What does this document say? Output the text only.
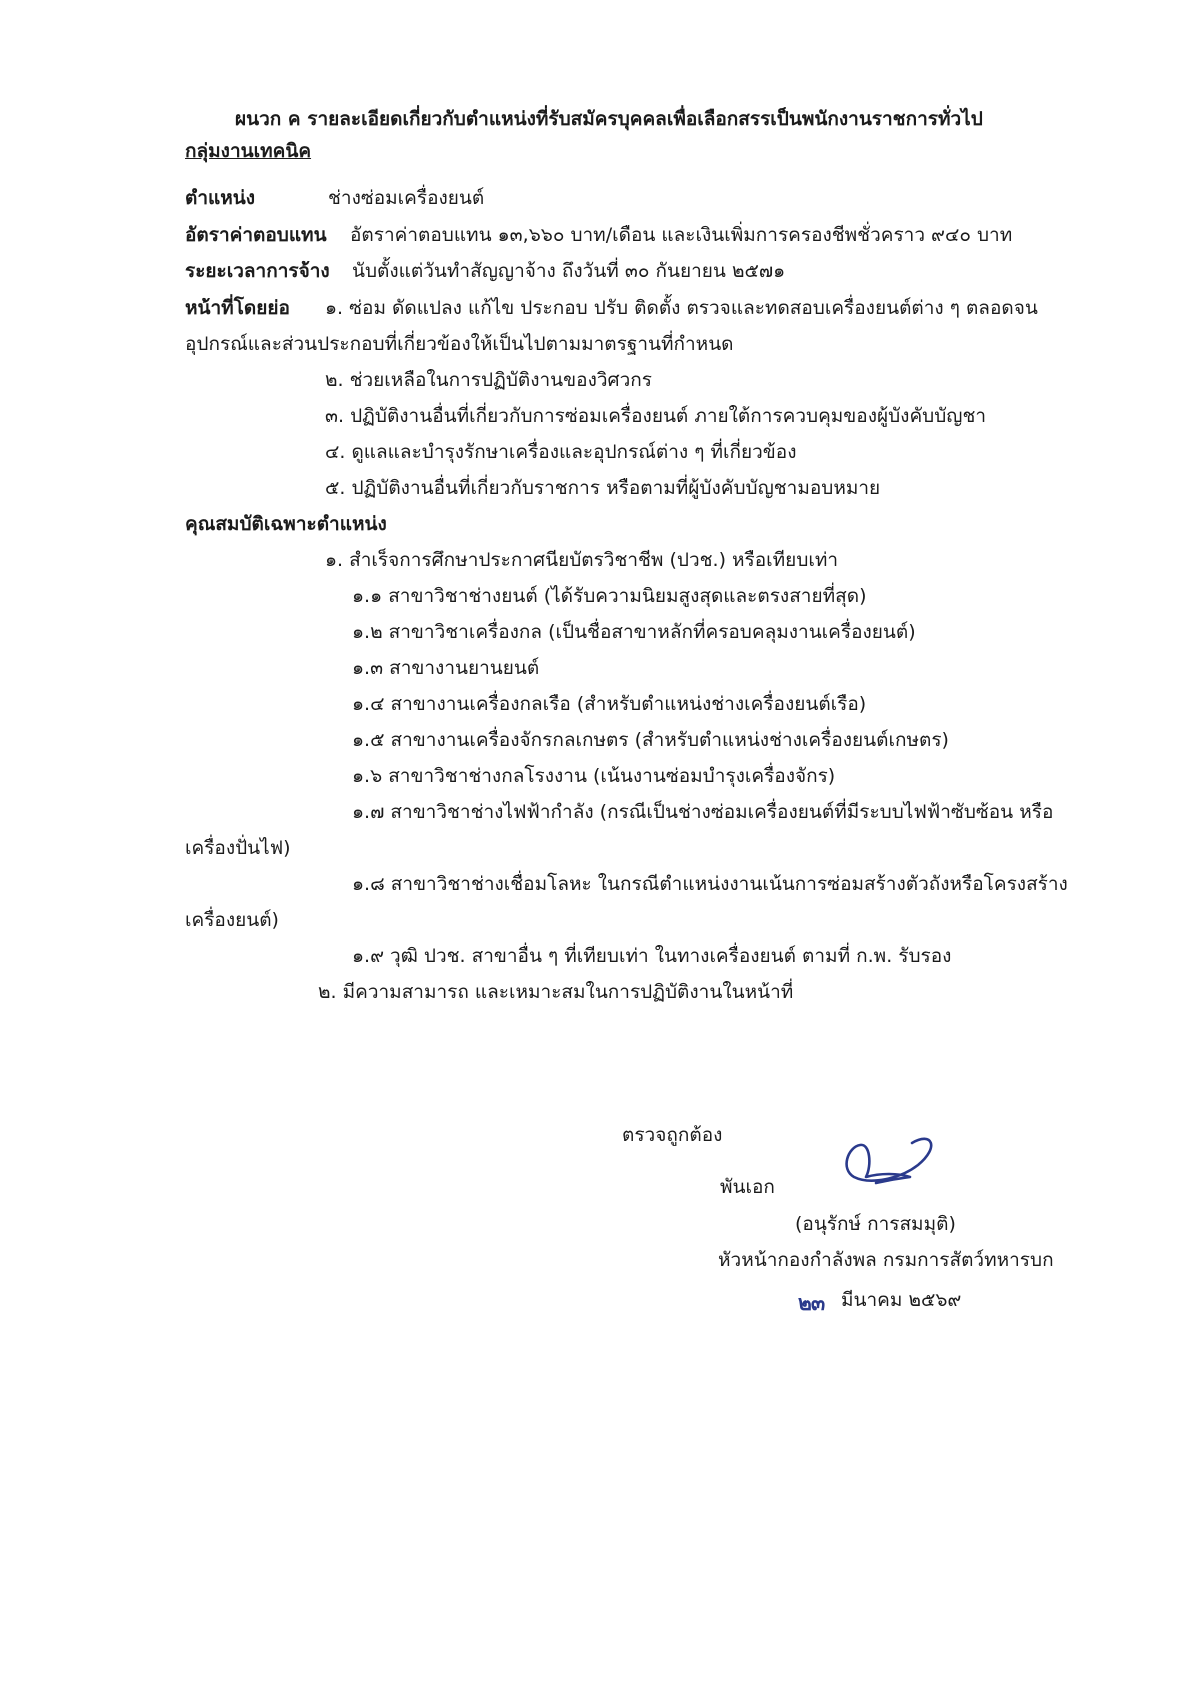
ผนวก ค รายละเอียดเกี่ยวกับตำแหน่งที่รับสมัครบุคคลเพื่อเลือกสรรเป็นพนักงานราชการทั่วไป
กลุ่มงานเทคนิค
ตำแหน่ง	ช่างซ่อมเครื่องยนต์
อัตราค่าตอบแทน อัตราค่าตอบแทน ๑๓,๖๖๐ บาท/เดือน และเงินเพิ่มการครองชีพชั่วคราว ๙๔๐ บาท
ระยะเวลาการจ้าง นับตั้งแต่วันทำสัญญาจ้าง ถึงวันที่ ๓๐ กันยายน ๒๕๗๑
หน้าที่โดยย่อ ๑. ซ่อม ดัดแปลง แก้ไข ประกอบ ปรับ ติดตั้ง ตรวจและทดสอบเครื่องยนต์ต่าง ๆ ตลอดจน
อุปกรณ์และส่วนประกอบที่เกี่ยวข้องให้เป็นไปตามมาตรฐานที่กำหนด
๒. ช่วยเหลือในการปฏิบัติงานของวิศวกร
๓. ปฏิบัติงานอื่นที่เกี่ยวกับการซ่อมเครื่องยนต์ ภายใต้การควบคุมของผู้บังคับบัญชา
๔. ดูแลและบำรุงรักษาเครื่องและอุปกรณ์ต่าง ๆ ที่เกี่ยวข้อง
๕. ปฏิบัติงานอื่นที่เกี่ยวกับราชการ หรือตามที่ผู้บังคับบัญชามอบหมาย
คุณสมบัติเฉพาะตำแหน่ง
๑. สำเร็จการศึกษาประกาศนียบัตรวิชาชีพ (ปวช.) หรือเทียบเท่า
๑.๑ สาขาวิชาช่างยนต์ (ได้รับความนิยมสูงสุดและตรงสายที่สุด)
๑.๒ สาขาวิชาเครื่องกล (เป็นชื่อสาขาหลักที่ครอบคลุมงานเครื่องยนต์)
๑.๓ สาขางานยานยนต์
๑.๔ สาขางานเครื่องกลเรือ (สำหรับตำแหน่งช่างเครื่องยนต์เรือ)
๑.๕ สาขางานเครื่องจักรกลเกษตร (สำหรับตำแหน่งช่างเครื่องยนต์เกษตร)
๑.๖ สาขาวิชาช่างกลโรงงาน (เน้นงานซ่อมบำรุงเครื่องจักร)
๑.๗ สาขาวิชาช่างไฟฟ้ากำลัง (กรณีเป็นช่างซ่อมเครื่องยนต์ที่มีระบบไฟฟ้าซับซ้อน หรือ
เครื่องปั่นไฟ)
๑.๘ สาขาวิชาช่างเชื่อมโลหะ ในกรณีตำแหน่งงานเน้นการซ่อมสร้างตัวถังหรือโครงสร้าง
เครื่องยนต์)
๑.๙ วุฒิ ปวช. สาขาอื่น ๆ ที่เทียบเท่า ในทางเครื่องยนต์ ตามที่ ก.พ. รับรอง
๒. มีความสามารถ และเหมาะสมในการปฏิบัติงานในหน้าที่
ตรวจถูกต้อง
พันเอก
(อนุรักษ์ การสมมุติ)
หัวหน้ากองกำลังพล กรมการสัตว์ทหารบก
๒๓ มีนาคม ๒๕๖๙
